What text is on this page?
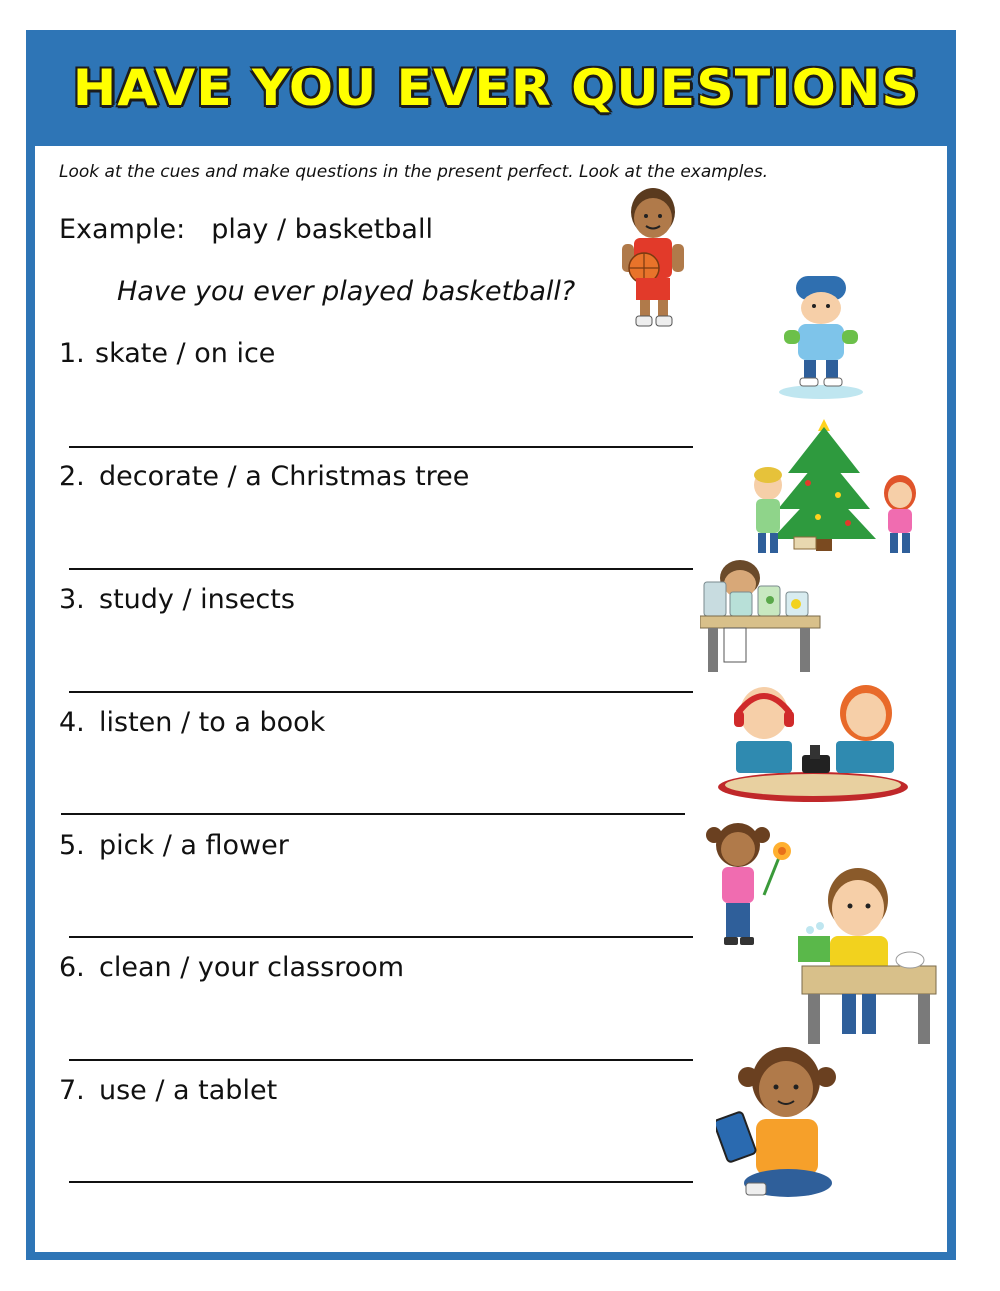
HAVE YOU EVER QUESTIONS
Look at the cues and make questions in the present perfect. Look at the examples.
Example: play / basketball
Have you ever played basketball?
1. skate / on ice
2. decorate / a Christmas tree
3. study / insects
4. listen / to a book
5. pick / a flower
6. clean / your classroom
7. use / a tablet
